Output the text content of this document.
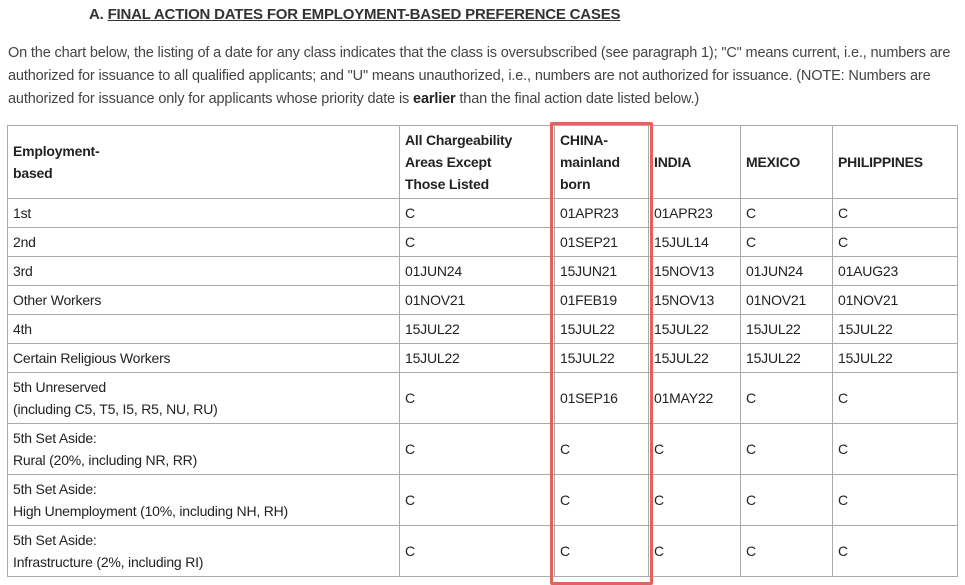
A. FINAL ACTION DATES FOR EMPLOYMENT-BASED PREFERENCE CASES

On the chart below, the listing of a date for any class indicates that the class is oversubscribed (see paragraph 1); "C" means current, i.e., numbers are authorized for issuance to all qualified applicants; and "U" means unauthorized, i.e., numbers are not authorized for issuance. (NOTE: Numbers are authorized for issuance only for applicants whose priority date is earlier than the final action date listed below.)

Employment-
based	All Chargeability
Areas Except
Those Listed	CHINA-
mainland
born	INDIA	MEXICO	PHILIPPINES
1st	C	01APR23	01APR23	C	C
2nd	C	01SEP21	15JUL14	C	C
3rd	01JUN24	15JUN21	15NOV13	01JUN24	01AUG23
Other Workers	01NOV21	01FEB19	15NOV13	01NOV21	01NOV21
4th	15JUL22	15JUL22	15JUL22	15JUL22	15JUL22
Certain Religious Workers	15JUL22	15JUL22	15JUL22	15JUL22	15JUL22
5th Unreserved
(including C5, T5, I5, R5, NU, RU)	C	01SEP16	01MAY22	C	C
5th Set Aside:
Rural (20%, including NR, RR)	C	C	C	C	C
5th Set Aside:
High Unemployment (10%, including NH, RH)	C	C	C	C	C
5th Set Aside:
Infrastructure (2%, including RI)	C	C	C	C	C
